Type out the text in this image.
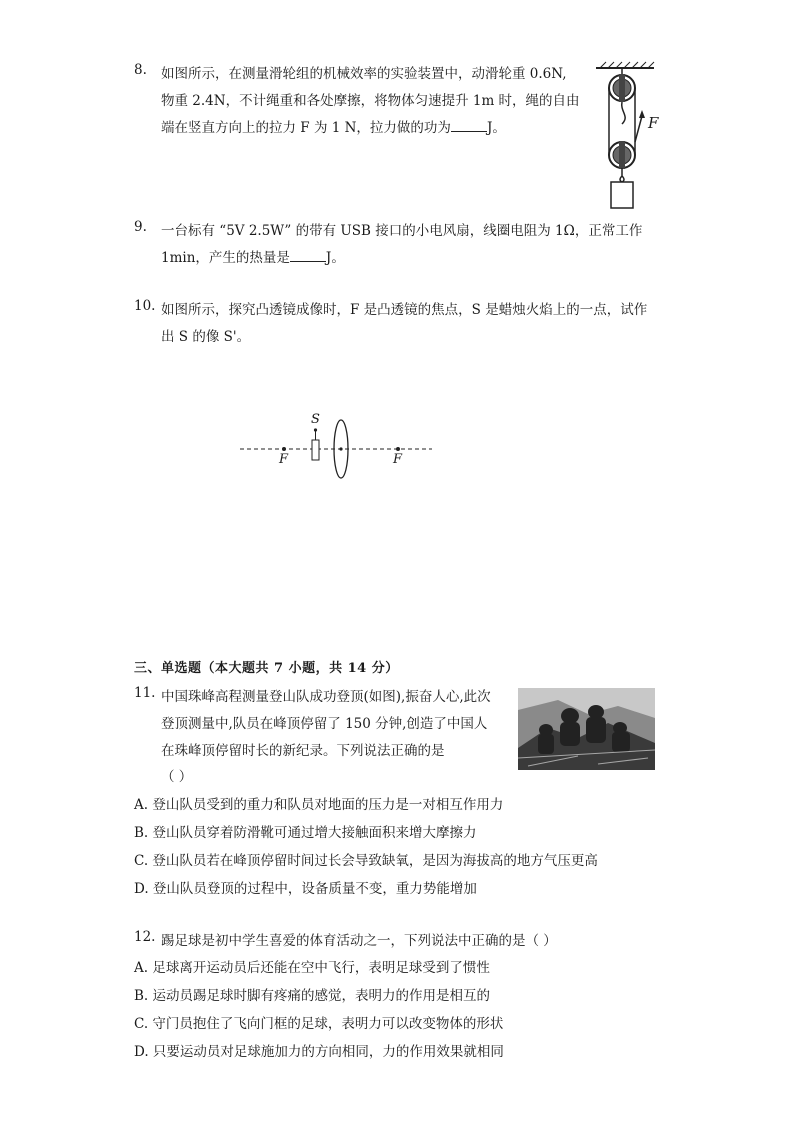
8. 如图所示，在测量滑轮组的机械效率的实验装置中，动滑轮重 0.6N,
物重 2.4N，不计绳重和各处摩擦，将物体匀速提升 1m 时，绳的自由
端在竖直方向上的拉力 F 为 1 N，拉力做的功为	J。	F
9. 一台标有 “5V 2.5W” 的带有 USB 接口的小电风扇，线圈电阻为 1Ω，正常工作
1min，产生的热量是	J。
10. 如图所示，探究凸透镜成像时，F 是凸透镜的焦点，S 是蜡烛火焰上的一点，试作
出 S 的像 S'。
S
F	F
三、单选题（本大题共 7 小题，共 14 分）
11. 中国珠峰高程测量登山队成功登顶(如图),振奋人心,此次
登顶测量中,队员在峰顶停留了 150 分钟,创造了中国人
在珠峰顶停留时长的新纪录。下列说法正确的是
（ ）
A. 登山队员受到的重力和队员对地面的压力是一对相互作用力
B. 登山队员穿着防滑靴可通过增大接触面积来增大摩擦力
C. 登山队员若在峰顶停留时间过长会导致缺氧，是因为海拔高的地方气压更高
D. 登山队员登顶的过程中，设备质量不变，重力势能增加
12. 踢足球是初中学生喜爱的体育活动之一，下列说法中正确的是（ ）
A. 足球离开运动员后还能在空中飞行，表明足球受到了惯性
B. 运动员踢足球时脚有疼痛的感觉，表明力的作用是相互的
C. 守门员抱住了飞向门框的足球，表明力可以改变物体的形状
D. 只要运动员对足球施加力的方向相同，力的作用效果就相同
